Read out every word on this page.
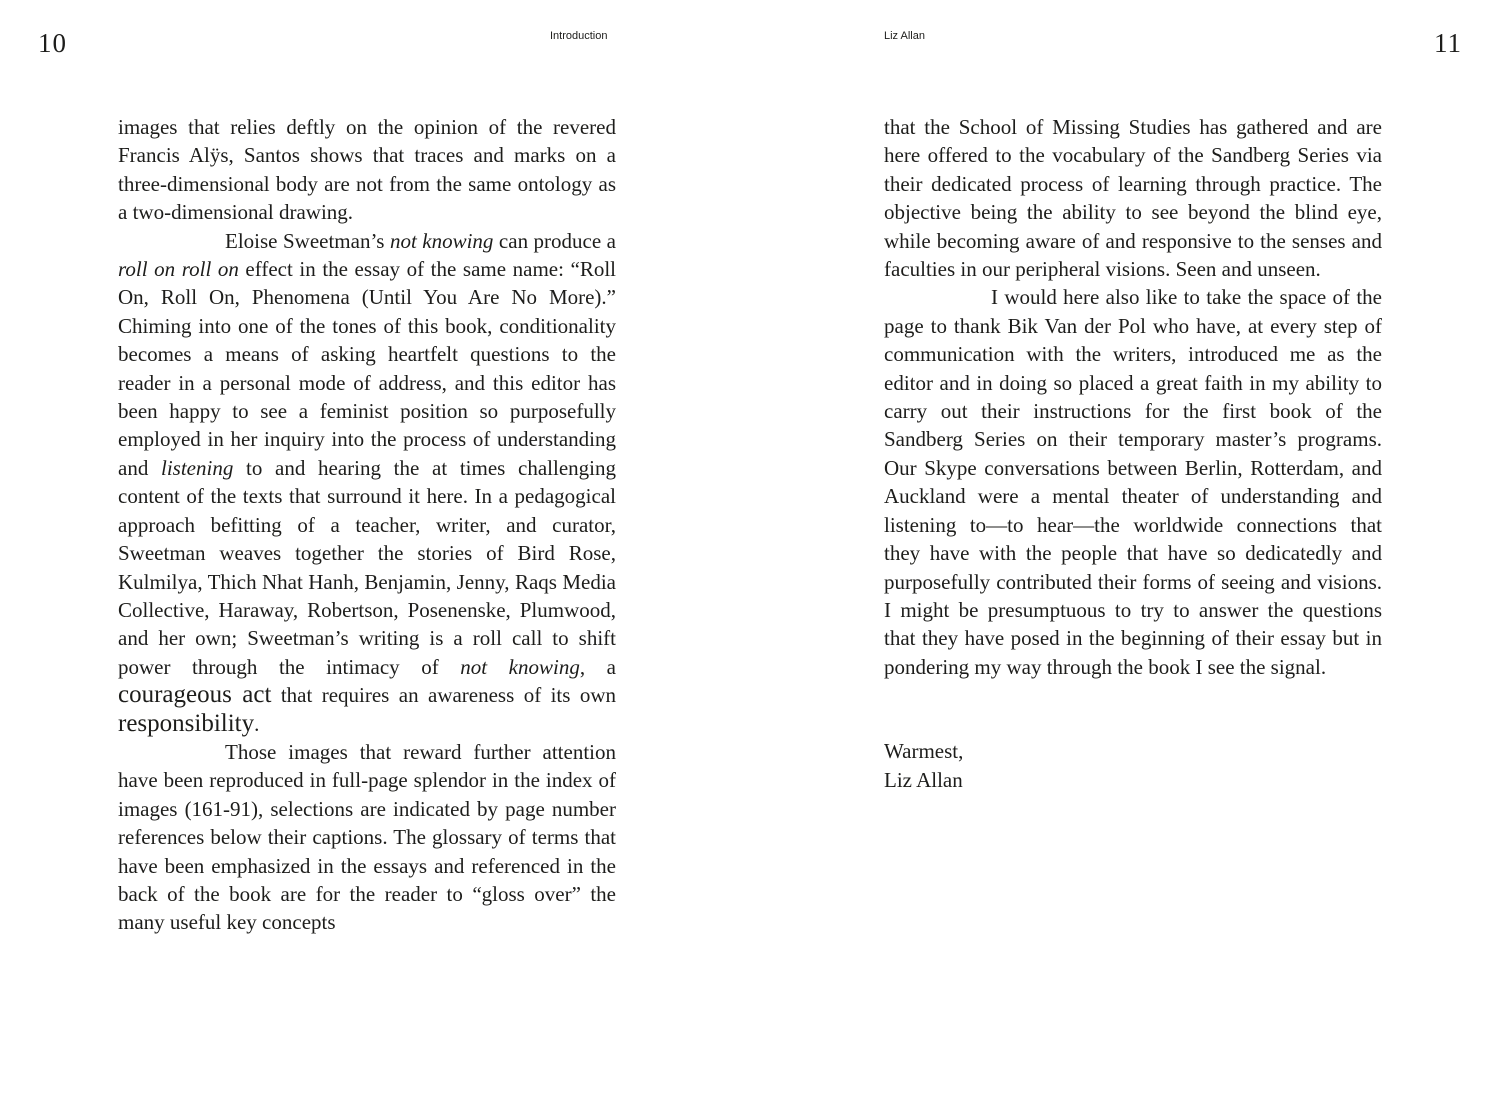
10	Introduction	Liz Allan	11

images that relies deftly on the opinion of the revered Francis Alÿs, Santos shows that traces and marks on a three-dimensional body are not from the same ontology as a two-dimensional drawing.

Eloise Sweetman’s not knowing can produce a roll on roll on effect in the essay of the same name: “Roll On, Roll On, Phenomena (Until You Are No More).” Chiming into one of the tones of this book, conditionality becomes a means of asking heartfelt questions to the reader in a personal mode of address, and this editor has been happy to see a feminist position so purposefully employed in her inquiry into the process of understanding and listening to and hearing the at times challenging content of the texts that surround it here. In a pedagogical approach befitting of a teacher, writer, and curator, Sweetman weaves together the stories of Bird Rose, Kulmilya, Thich Nhat Hanh, Benjamin, Jenny, Raqs Media Collective, Haraway, Robertson, Posenenske, Plumwood, and her own; Sweetman’s writing is a roll call to shift power through the intimacy of not knowing, a courageous act that requires an awareness of its own responsibility.

Those images that reward further attention have been reproduced in full-page splendor in the index of images (161-91), selections are indicated by page number references below their captions. The glossary of terms that have been emphasized in the essays and referenced in the back of the book are for the reader to “gloss over” the many useful key concepts

that the School of Missing Studies has gathered and are here offered to the vocabulary of the Sandberg Series via their dedicated process of learning through practice. The objective being the ability to see beyond the blind eye, while becoming aware of and responsive to the senses and faculties in our peripheral visions. Seen and unseen.

I would here also like to take the space of the page to thank Bik Van der Pol who have, at every step of communication with the writers, introduced me as the editor and in doing so placed a great faith in my ability to carry out their instructions for the first book of the Sandberg Series on their temporary master’s programs. Our Skype conversations between Berlin, Rotterdam, and Auckland were a mental theater of understanding and listening to—to hear—the worldwide connections that they have with the people that have so dedicatedly and purposefully contributed their forms of seeing and visions. I might be presumptuous to try to answer the questions that they have posed in the beginning of their essay but in pondering my way through the book I see the signal.

Warmest,
Liz Allan
